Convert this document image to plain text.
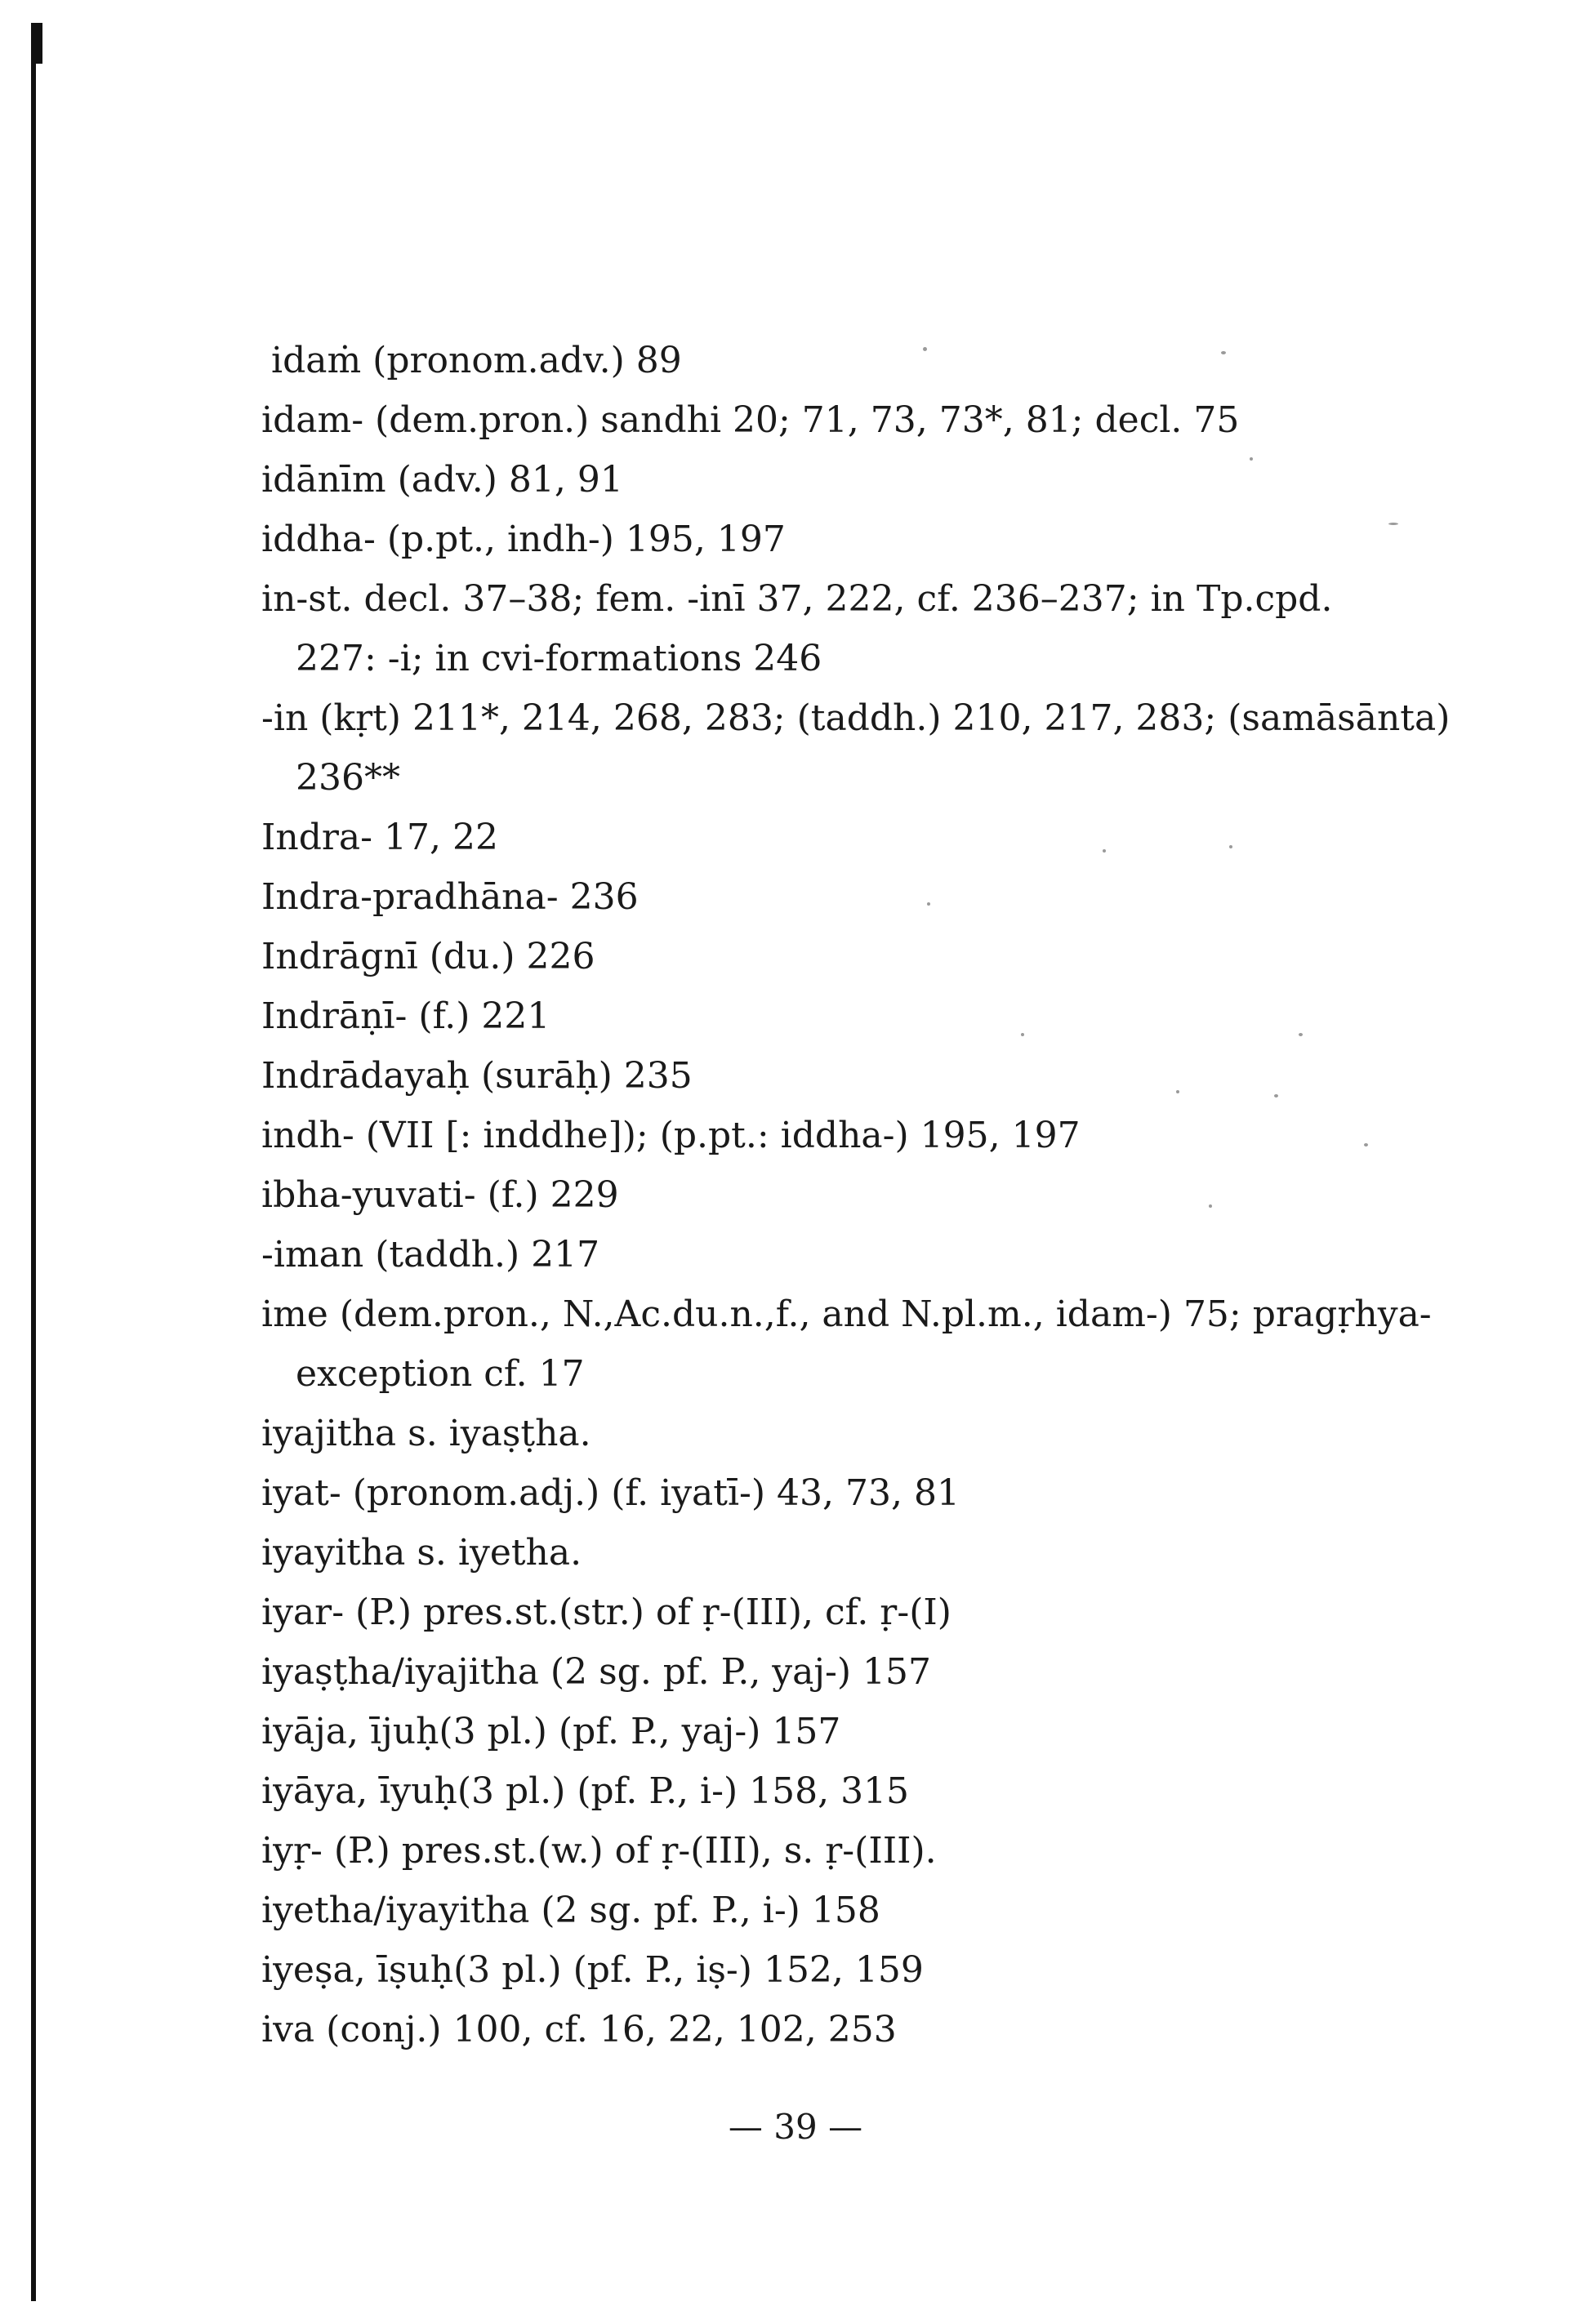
idaṁ (pronom.adv.) 89
idam- (dem.pron.) sandhi 20; 71, 73, 73*, 81; decl. 75
idānīm (adv.) 81, 91
iddha- (p.pt., indh-) 195, 197
in-st. decl. 37–38; fem. -inī 37, 222, cf. 236–237; in Tp.cpd.
227: -i; in cvi-formations 246
-in (kṛt) 211*, 214, 268, 283; (taddh.) 210, 217, 283; (samāsānta)
236**
Indra- 17, 22
Indra-pradhāna- 236
Indrāgnī (du.) 226
Indrāṇī- (f.) 221
Indrādayaḥ (surāḥ) 235
indh- (VII [: inddhe]); (p.pt.: iddha-) 195, 197
ibha-yuvati- (f.) 229
-iman (taddh.) 217
ime (dem.pron., N.,Ac.du.n.,f., and N.pl.m., idam-) 75; pragṛhya-
exception cf. 17
iyajitha s. iyaṣṭha.
iyat- (pronom.adj.) (f. iyatī-) 43, 73, 81
iyayitha s. iyetha.
iyar- (P.) pres.st.(str.) of ṛ-(III), cf. ṛ-(I)
iyaṣṭha/iyajitha (2 sg. pf. P., yaj-) 157
iyāja, ījuḥ(3 pl.) (pf. P., yaj-) 157
iyāya, īyuḥ(3 pl.) (pf. P., i-) 158, 315
iyṛ- (P.) pres.st.(w.) of ṛ-(III), s. ṛ-(III).
iyetha/iyayitha (2 sg. pf. P., i-) 158
iyeṣa, īṣuḥ(3 pl.) (pf. P., iṣ-) 152, 159
iva (conj.) 100, cf. 16, 22, 102, 253
— 39 —
